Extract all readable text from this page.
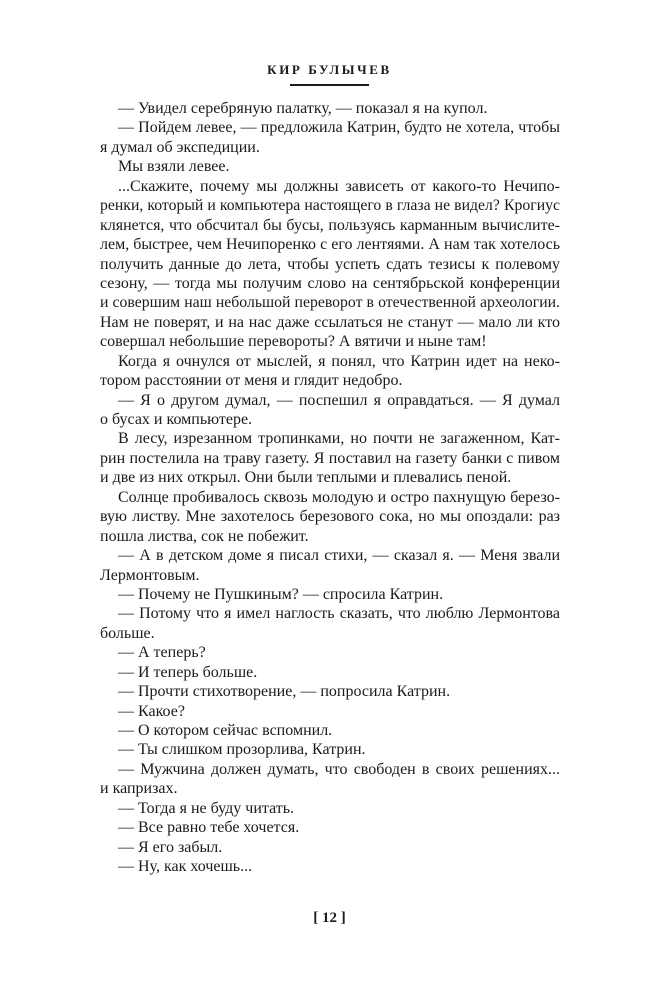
КИР БУЛЫЧЕВ
— Увидел серебряную палатку, — показал я на купол.
— Пойдем левее, — предложила Катрин, будто не хотела, чтобы
я думал об экспедиции.
Мы взяли левее.
...Скажите, почему мы должны зависеть от какого-то Нечипо-
ренки, который и компьютера настоящего в глаза не видел? Крогиус
клянется, что обсчитал бы бусы, пользуясь карманным вычислите-
лем, быстрее, чем Нечипоренко с его лентяями. А нам так хотелось
получить данные до лета, чтобы успеть сдать тезисы к полевому
сезону, — тогда мы получим слово на сентябрьской конференции
и совершим наш небольшой переворот в отечественной археологии.
Нам не поверят, и на нас даже ссылаться не станут — мало ли кто
совершал небольшие перевороты? А вятичи и ныне там!
Когда я очнулся от мыслей, я понял, что Катрин идет на неко-
тором расстоянии от меня и глядит недобро.
— Я о другом думал, — поспешил я оправдаться. — Я думал
о бусах и компьютере.
В лесу, изрезанном тропинками, но почти не загаженном, Кат-
рин постелила на траву газету. Я поставил на газету банки с пивом
и две из них открыл. Они были теплыми и плевались пеной.
Солнце пробивалось сквозь молодую и остро пахнущую березо-
вую листву. Мне захотелось березового сока, но мы опоздали: раз
пошла листва, сок не побежит.
— А в детском доме я писал стихи, — сказал я. — Меня звали
Лермонтовым.
— Почему не Пушкиным? — спросила Катрин.
— Потому что я имел наглость сказать, что люблю Лермонтова
больше.
— А теперь?
— И теперь больше.
— Прочти стихотворение, — попросила Катрин.
— Какое?
— О котором сейчас вспомнил.
— Ты слишком прозорлива, Катрин.
— Мужчина должен думать, что свободен в своих решениях...
и капризах.
— Тогда я не буду читать.
— Все равно тебе хочется.
— Я его забыл.
— Ну, как хочешь...
[ 12 ]
